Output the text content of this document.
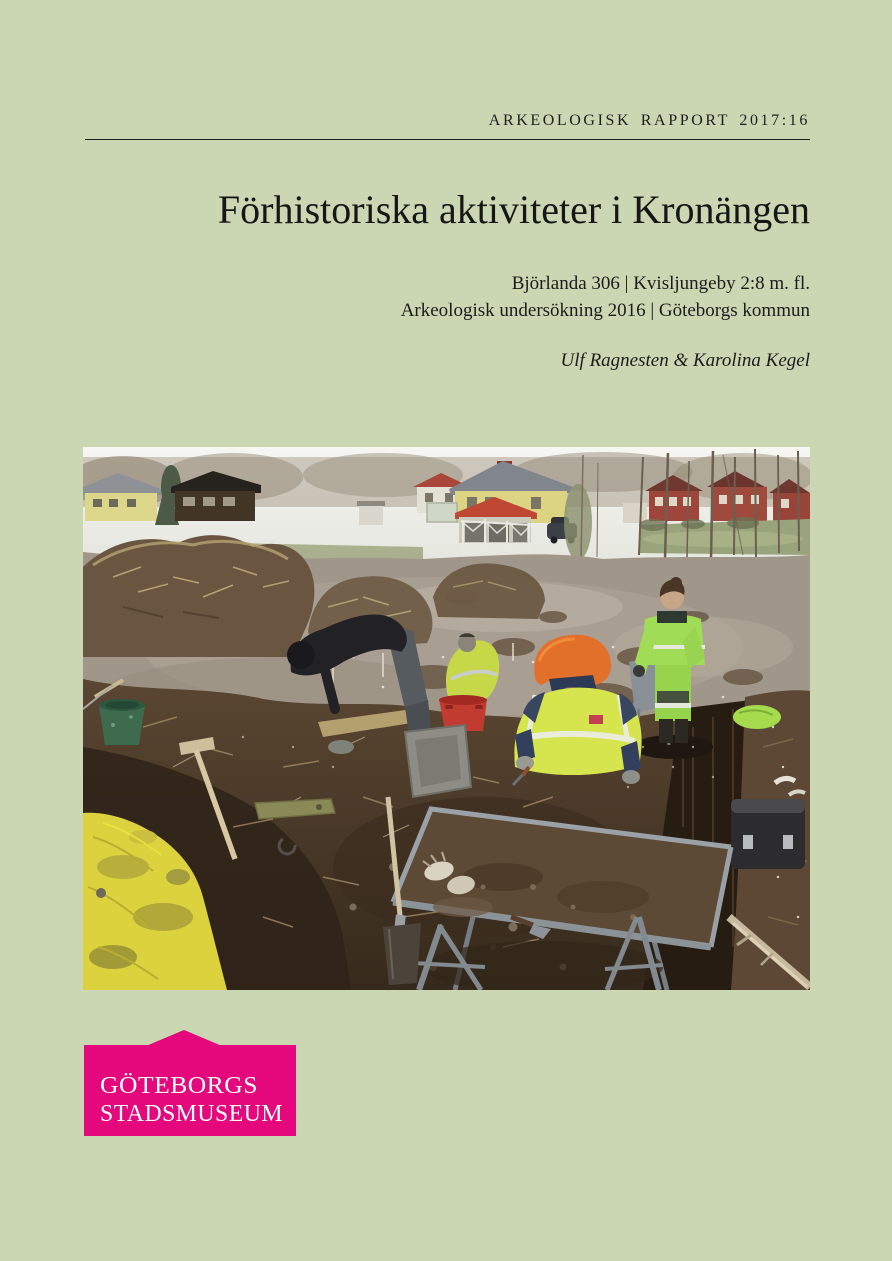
ARKEOLOGISK RAPPORT 2017:16
Förhistoriska aktiviteter i Kronängen
Björlanda 306 | Kvisljungeby 2:8 m. fl.
Arkeologisk undersökning 2016 | Göteborgs kommun
Ulf Ragnesten & Karolina Kegel
GÖTEBORGS
STADSMUSEUM
